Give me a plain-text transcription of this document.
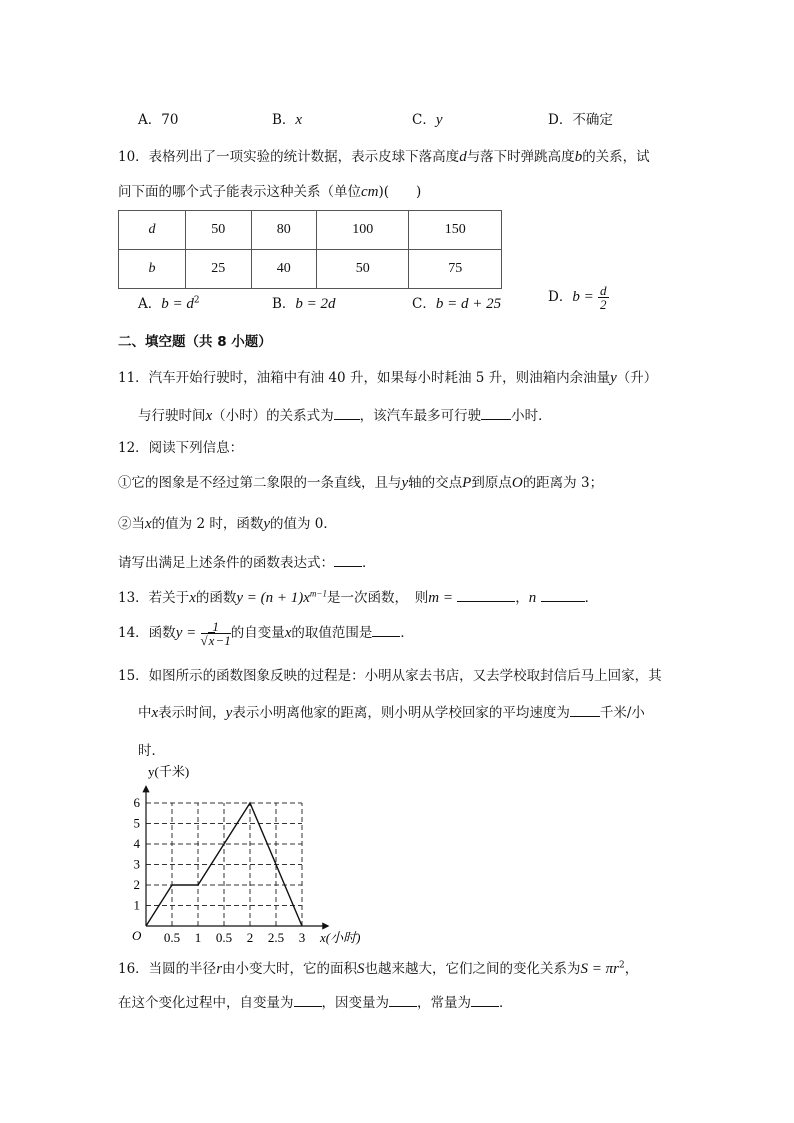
A．70	B．x	C．y	D．不确定
10．表格列出了一项实验的统计数据，表示皮球下落高度d与落下时弹跳高度b的关系，试
问下面的哪个式子能表示这种关系（单位cm)(　　)
d	50	80	100	150
b	25	40	50	75
A．$b = d^2$	B．b = 2d	C．b = d + 25	D．$b = \frac{d}{2}$
二、填空题（共 8 小题）
11．汽车开始行驶时，油箱中有油 40 升，如果每小时耗油 5 升，则油箱内余油量y（升）
与行驶时间x（小时）的关系式为 ，该汽车最多可行驶 小时．
12．阅读下列信息：
①它的图象是不经过第二象限的一条直线，且与y轴的交点P到原点O的距离为 3；
②当x的值为 2 时，函数y的值为 0．
请写出满足上述条件的函数表达式： ．
13．若关于x的函数$y = (n + 1)x^{m-1}$是一次函数，　则m =	，n	．
14．函数$y = \frac{1}{√x-1}$ 的自变量x的取值范围是 ．
15．如图所示的函数图象反映的过程是：小明从家去书店，又去学校取封信后马上回家，其
中x表示时间，y表示小明离他家的距离，则小明从学校回家的平均速度为 千米/小
时．
0.5 1 0.5 2 2.5 3
1
2
3
4
5
6
y(千米)
x(小时)
O
16．当圆的半径r由小变大时，它的面积S也越来越大，它们之间的变化关系为$S = \pi r^2$，
在这个变化过程中，自变量为 ，因变量为 ，常量为 ．
